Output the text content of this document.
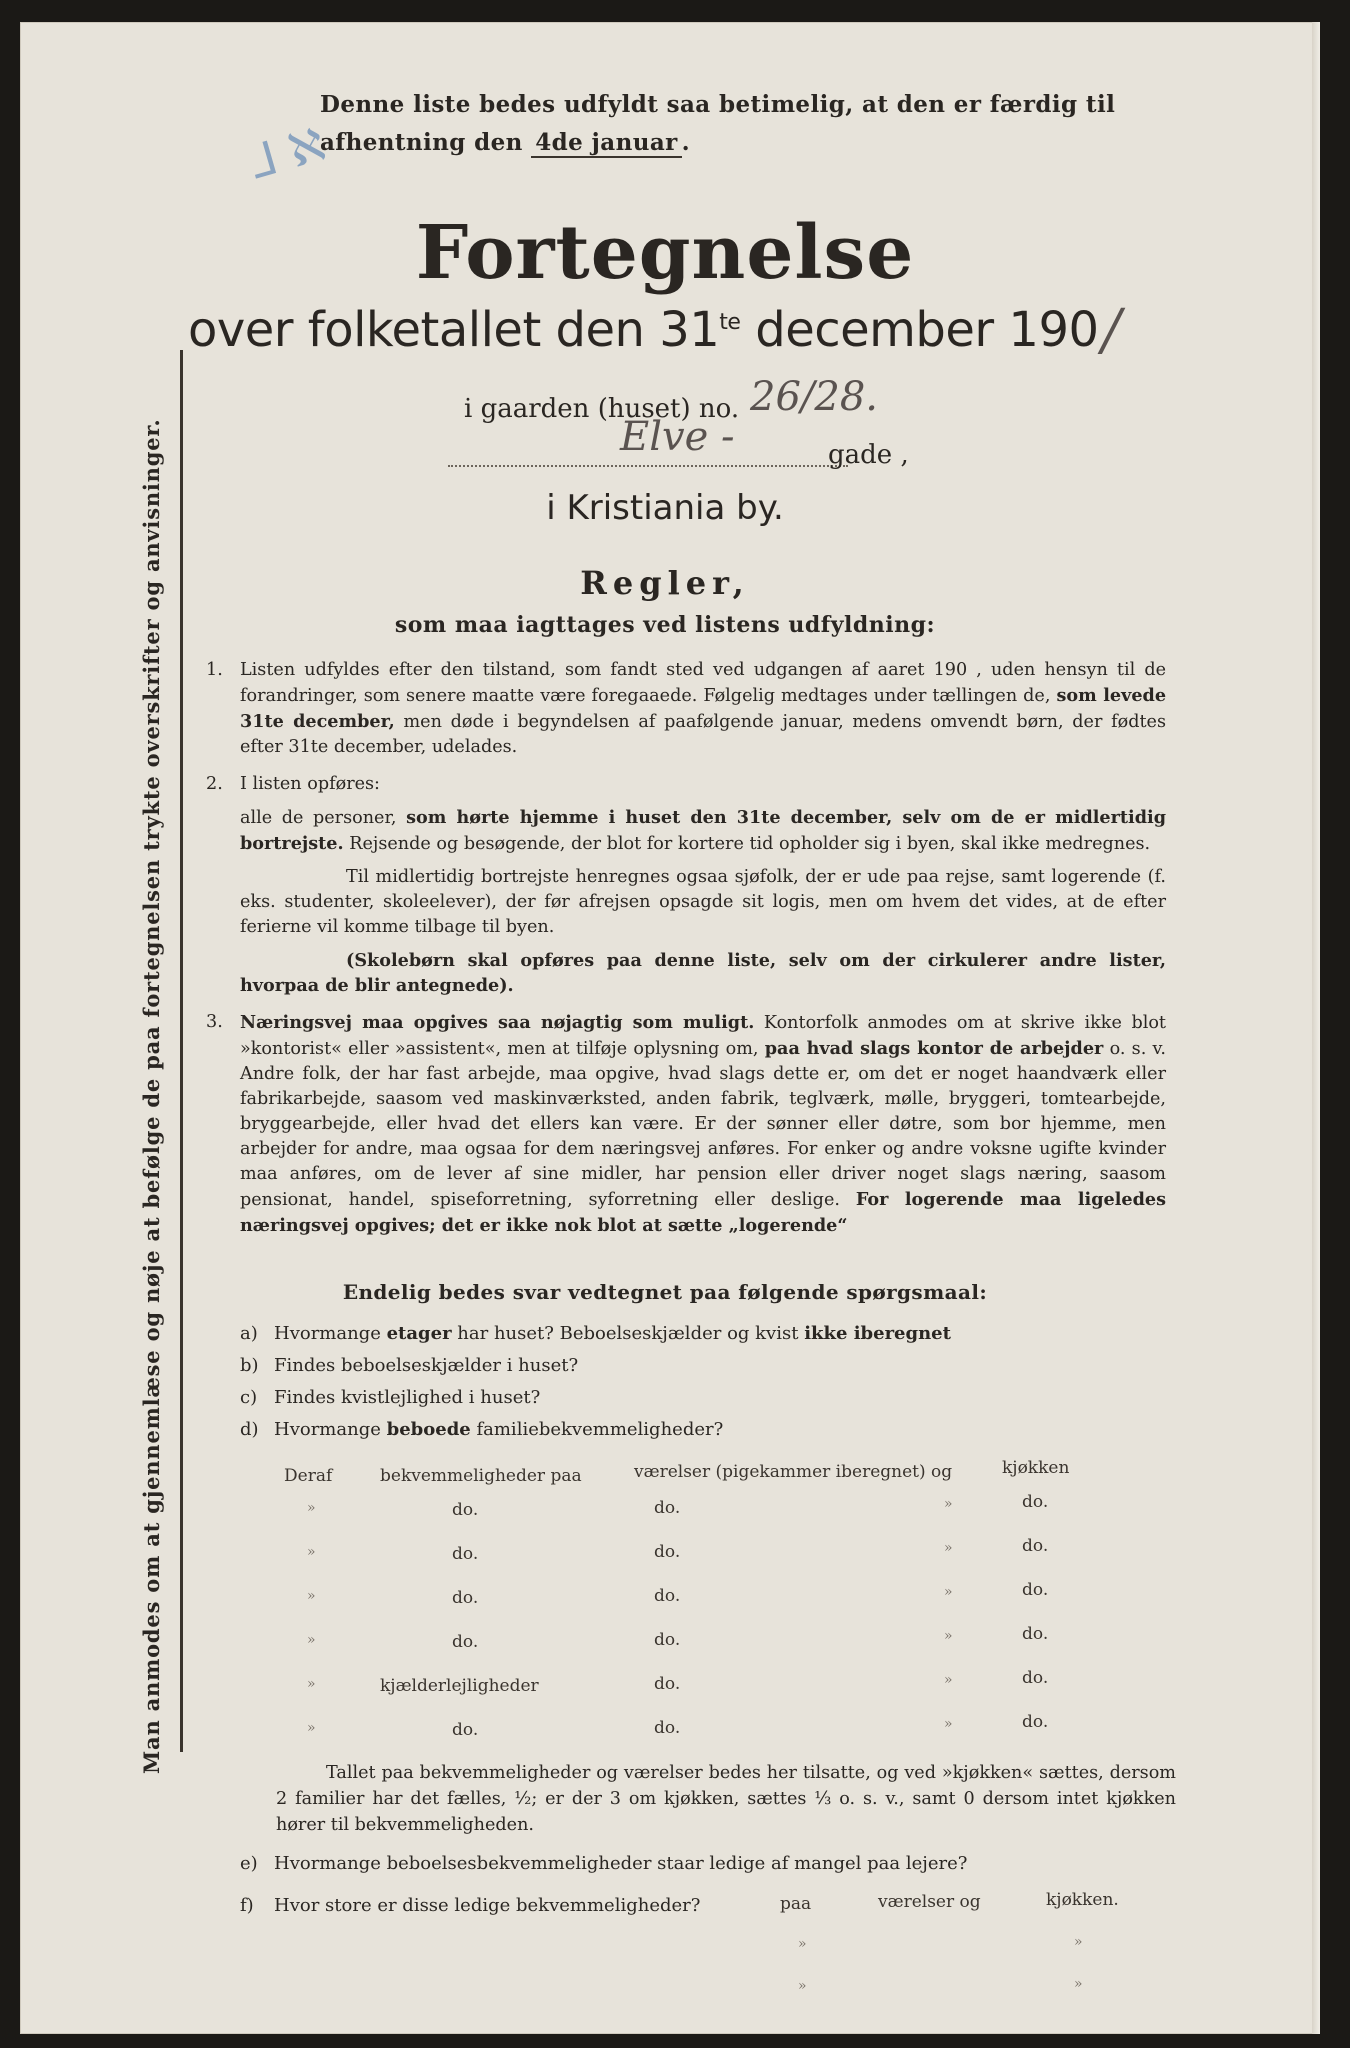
Denne liste bedes udfyldt saa betimelig, at den er færdig til
afhentning den 4de januar .
⅃ ℵ
Fortegnelse
over folketallet den $31^{te}$ december 190 /
i gaarden (huset) no. 26/28.
Elve -	gade ,
i Kristiania by.
Regler,
som maa iagttages ved listens udfyldning:
Man anmodes om at gjennemlæse og nøje at befølge de paa fortegnelsen trykte overskrifter og anvisninger. 1. Listen udfyldes efter den tilstand, som fandt sted ved udgangen af aaret 190 , uden hensyn til de forandringer, som senere maatte være foregaaede. Følgelig medtages under tællingen de, som levede 31te december, men døde i begyndelsen af paafølgende januar, medens omvendt børn, der fødtes efter 31te december, udelades.

2. I listen opføres:

alle de personer, som hørte hjemme i huset den 31te december, selv om de er midlertidig bortrejste. Rejsende og besøgende, der blot for kortere tid opholder sig i byen, skal ikke medregnes.

Til midlertidig bortrejste henregnes ogsaa sjøfolk, der er ude paa rejse, samt logerende (f. eks. studenter, skoleelever), der før afrejsen opsagde sit logis, men om hvem det vides, at de efter ferierne vil komme tilbage til byen.

(Skolebørn skal opføres paa denne liste, selv om der cirkulerer andre lister, hvorpaa de blir antegnede).

3. Næringsvej maa opgives saa nøjagtig som muligt. Kontorfolk anmodes om at skrive ikke blot »kontorist« eller »assistent«, men at tilføje oplysning om, paa hvad slags kontor de arbejder o. s. v. Andre folk, der har fast arbejde, maa opgive, hvad slags dette er, om det er noget haandværk eller fabrikarbejde, saasom ved maskinværksted, anden fabrik, teglværk, mølle, bryggeri, tomtearbejde, bryggearbejde, eller hvad det ellers kan være. Er der sønner eller døtre, som bor hjemme, men arbejder for andre, maa ogsaa for dem næringsvej anføres. For enker og andre voksne ugifte kvinder maa anføres, om de lever af sine midler, har pension eller driver noget slags næring, saasom pensionat, handel, spiseforretning, syforretning eller deslige. For logerende maa ligeledes næringsvej opgives; det er ikke nok blot at sætte „logerende“

Endelig bedes svar vedtegnet paa følgende spørgsmaal:
a) Hvormange etager har huset? Beboelseskjælder og kvist ikke iberegnet
b) Findes beboelseskjælder i huset?
c) Findes kvistlejlighed i huset?
d) Hvormange beboede familiebekvemmeligheder?
Deraf	bekvemmeligheder paa	værelser (pigekammer iberegnet) og	kjøkken
»	do.	do.	»	do.
»	do.	do.	»	do.
»	do.	do.	»	do.
»	do.	do.	»	do.
»	kjælderlejligheder	do.	»	do.
»	do.	do.	»	do.

Tallet paa bekvemmeligheder og værelser bedes her tilsatte, og ved »kjøkken« sættes, dersom 2 familier har det fælles, ½; er der 3 om kjøkken, sættes ⅓ o. s. v., samt 0 dersom intet kjøkken hører til bekvemmeligheden.

e) Hvormange beboelsesbekvemmeligheder staar ledige af mangel paa lejere?
f) Hvor store er disse ledige bekvemmeligheder?	paa	værelser og	kjøkken.
»	»
»	»
